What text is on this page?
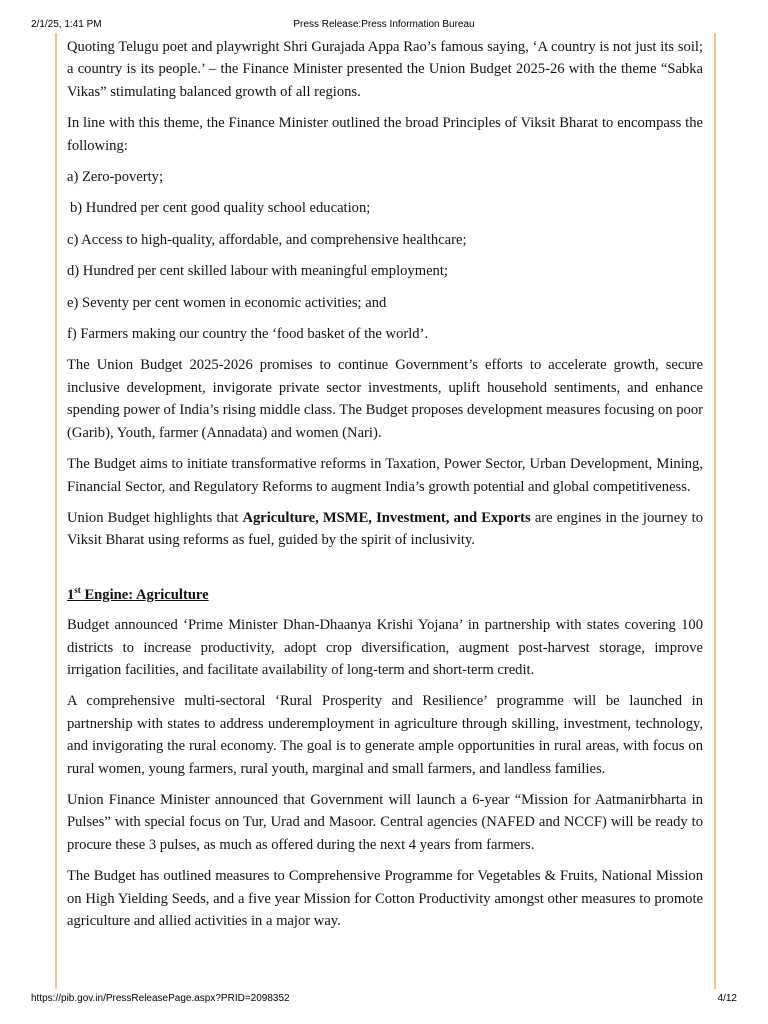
2/1/25, 1:41 PM	Press Release:Press Information Bureau

Quoting Telugu poet and playwright Shri Gurajada Appa Rao’s famous saying, ‘A country is not just its soil; a country is its people.’ – the Finance Minister presented the Union Budget 2025-26 with the theme “Sabka Vikas” stimulating balanced growth of all regions.

In line with this theme, the Finance Minister outlined the broad Principles of Viksit Bharat to encompass the following:

a) Zero-poverty;

b) Hundred per cent good quality school education;

c) Access to high-quality, affordable, and comprehensive healthcare;

d) Hundred per cent skilled labour with meaningful employment;

e) Seventy per cent women in economic activities; and

f) Farmers making our country the ‘food basket of the world’.

The Union Budget 2025-2026 promises to continue Government’s efforts to accelerate growth, secure inclusive development, invigorate private sector investments, uplift household sentiments, and enhance spending power of India’s rising middle class. The Budget proposes development measures focusing on poor (Garib), Youth, farmer (Annadata) and women (Nari).

The Budget aims to initiate transformative reforms in Taxation, Power Sector, Urban Development, Mining, Financial Sector, and Regulatory Reforms to augment India’s growth potential and global competitiveness.

Union Budget highlights that Agriculture, MSME, Investment, and Exports are engines in the journey to Viksit Bharat using reforms as fuel, guided by the spirit of inclusivity.

1st Engine: Agriculture

Budget announced ‘Prime Minister Dhan-Dhaanya Krishi Yojana’ in partnership with states covering 100 districts to increase productivity, adopt crop diversification, augment post-harvest storage, improve irrigation facilities, and facilitate availability of long-term and short-term credit.

A comprehensive multi-sectoral ‘Rural Prosperity and Resilience’ programme will be launched in partnership with states to address underemployment in agriculture through skilling, investment, technology, and invigorating the rural economy. The goal is to generate ample opportunities in rural areas, with focus on rural women, young farmers, rural youth, marginal and small farmers, and landless families.

Union Finance Minister announced that Government will launch a 6-year “Mission for Aatmanirbharta in Pulses” with special focus on Tur, Urad and Masoor. Central agencies (NAFED and NCCF) will be ready to procure these 3 pulses, as much as offered during the next 4 years from farmers.

The Budget has outlined measures to Comprehensive Programme for Vegetables & Fruits, National Mission on High Yielding Seeds, and a five year Mission for Cotton Productivity amongst other measures to promote agriculture and allied activities in a major way.

https://pib.gov.in/PressReleasePage.aspx?PRID=2098352	4/12
